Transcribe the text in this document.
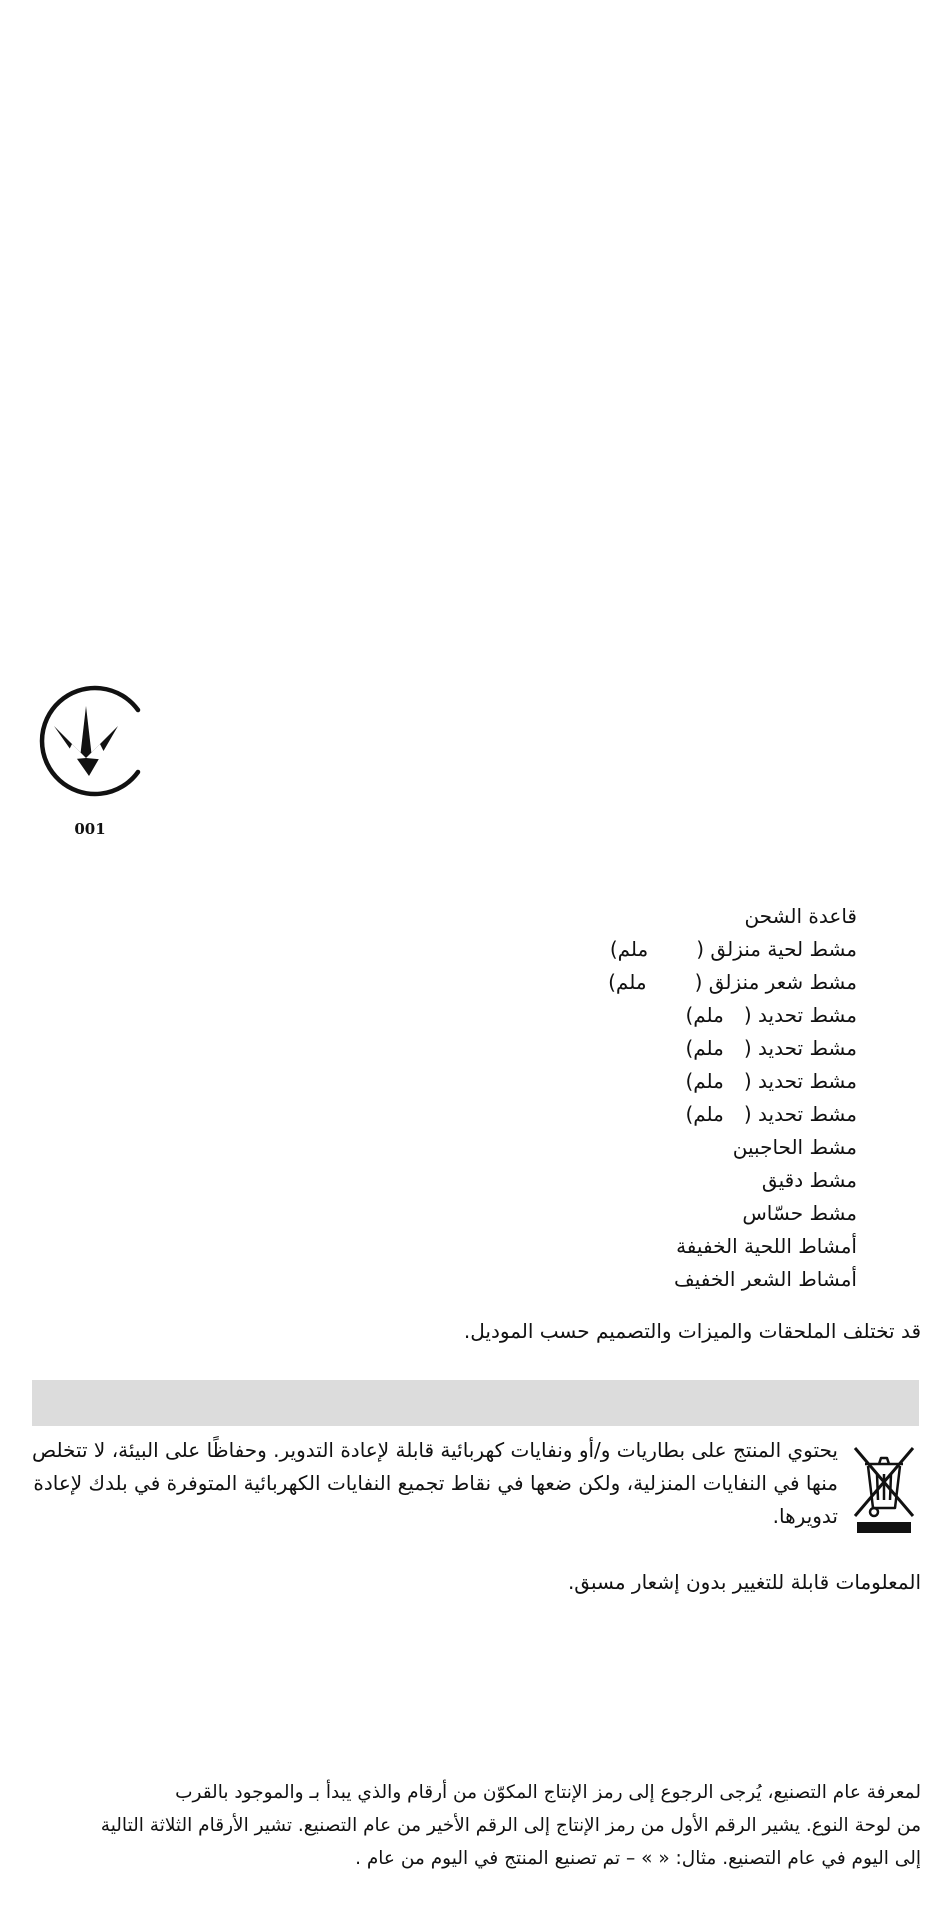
001
قاعدة الشحن
مشط لحية منزلق (ملم)
مشط شعر منزلق (ملم)
مشط تحديد (ملم)
مشط تحديد (ملم)
مشط تحديد (ملم)
مشط تحديد (ملم)
مشط الحاجبين
مشط دقيق
مشط حسّاس
أمشاط اللحية الخفيفة
أمشاط الشعر الخفيف
قد تختلف الملحقات والميزات والتصميم حسب الموديل.
يحتوي المنتج على بطاريات و/أو ونفايات كهربائية قابلة لإعادة التدوير. وحفاظًا على البيئة، لا تتخلص منها في النفايات المنزلية، ولكن ضعها في نقاط تجميع النفايات الكهربائية المتوفرة في بلدك لإعادة تدويرها.
المعلومات قابلة للتغيير بدون إشعار مسبق.
لمعرفة عام التصنيع، يُرجى الرجوع إلى رمز الإنتاج المكوّن من أرقام والذي يبدأ بـ والموجود بالقرب
من لوحة النوع. يشير الرقم الأول من رمز الإنتاج إلى الرقم الأخير من عام التصنيع. تشير الأرقام الثلاثة التالية
إلى اليوم في عام التصنيع. مثال: « » – تم تصنيع المنتج في اليوم من عام .
